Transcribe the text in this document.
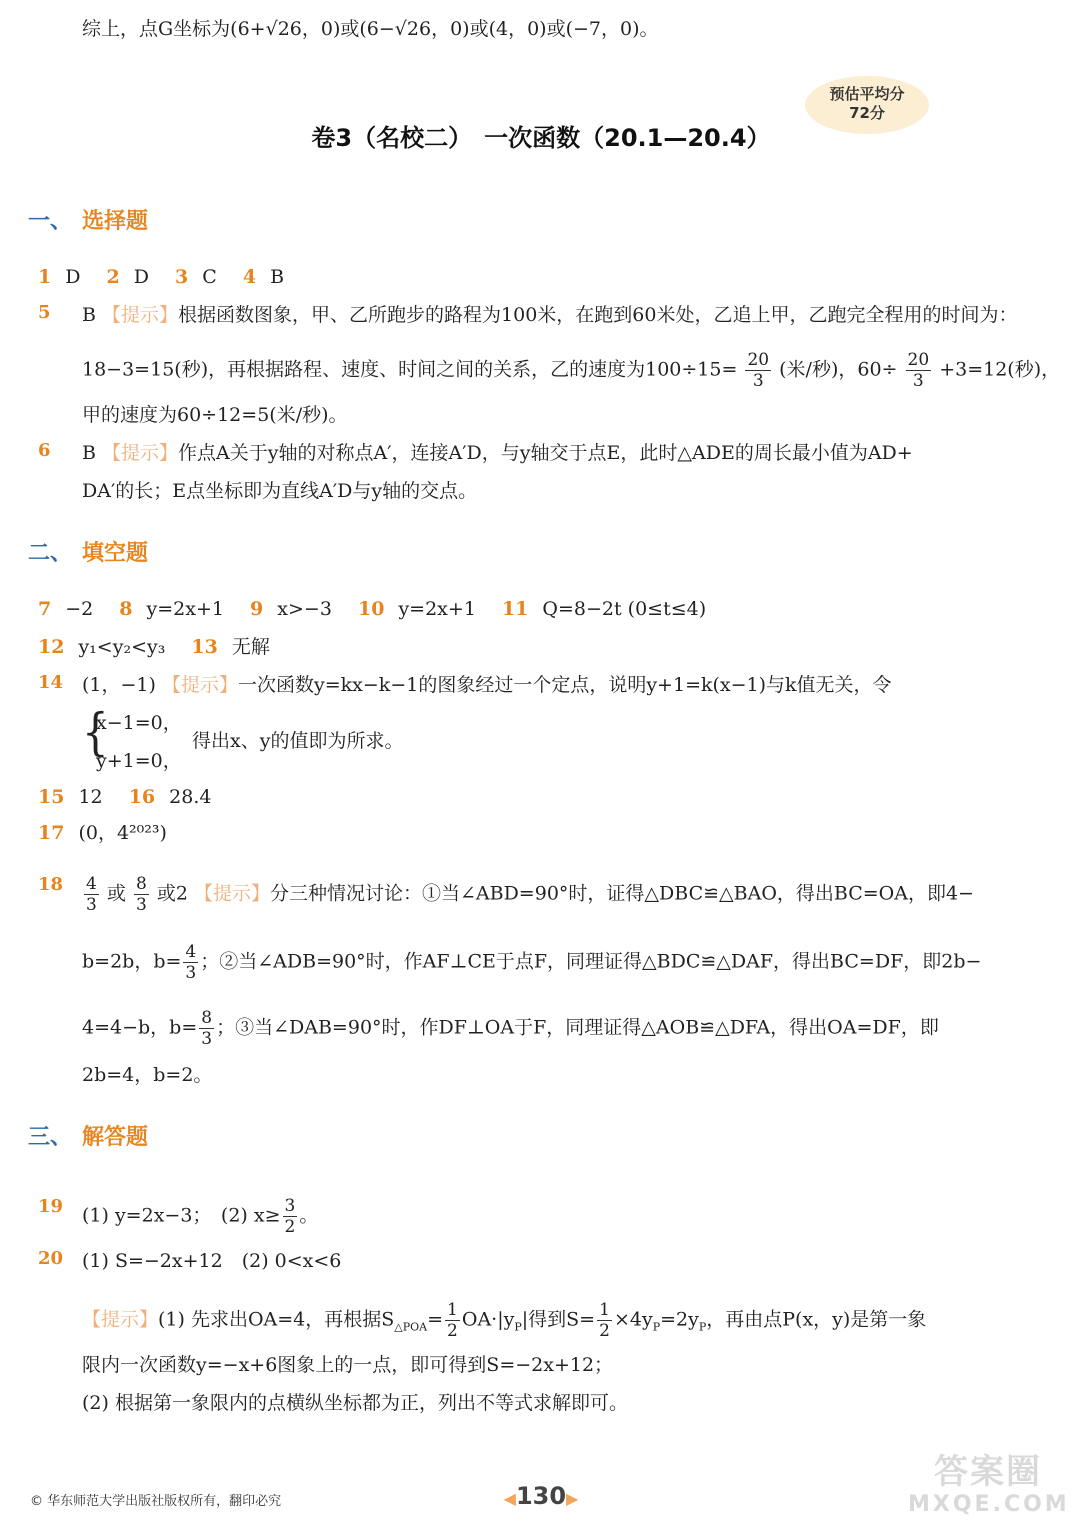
综上，点G坐标为(6+√26，0)或(6−√26，0)或(4，0)或(−7，0)。
卷3（名校二）　一次函数（20.1—20.4）
预估平均分
72分
一、 选择题
1 D 2 D 3 C 4 B
5 B 【提示】根据函数图象，甲、乙所跑步的路程为100米，在跑到60米处，乙追上甲，乙跑完全程用的时间为：
18−3=15(秒)，再根据路程、速度、时间之间的关系，乙的速度为$100\div 15= \frac{20}{3}$ (米/秒)，$60\div \frac{20}{3} +3=12$(秒)，
甲的速度为60÷12=5(米/秒)。
6 B 【提示】作点A关于y轴的对称点A′，连接A′D，与y轴交于点E，此时△ADE的周长最小值为AD+
DA′的长；E点坐标即为直线A′D与y轴的交点。
二、 填空题
7 −2 8 y=2x+1 9 x>−3 10 y=2x+1 11 Q=8−2t (0≤t≤4)
12 y₁<y₂<y₃ 13 无解
14 (1，−1) 【提示】一次函数y=kx−k−1的图象经过一个定点，说明y+1=k(x−1)与k值无关，令
{
x−1=0，
y+1=0，
得出x、y的值即为所求。
15 12 16 28.4
17 (0，4²⁰²³)
$18 \frac{4}{3}$ 或 $\frac{8}{3}$ 或2 【提示】分三种情况讨论：①当∠ABD=90°时，证得△DBC≌△BAO，得出BC=OA，即4−
b=2b，$b= \frac{4}{3}$ ；②当∠ADB=90°时，作AF⊥CE于点F，同理证得△BDC≌△DAF，得出BC=DF，即2b−
4=4−b，$b= \frac{8}{3}$ ；③当∠DAB=90°时，作DF⊥OA于F，同理证得△AOB≌△DFA，得出OA=DF，即
2b=4，b=2。
三、 解答题
19 (1) y=2x−3；　(2) $x\ge \frac{3}{2}$ 。
20 (1) S=−2x+12　(2) 0<x<6
【提示】(1) 先求出OA=4，再根据$S_{\triangle POA}= \frac{1}{2} OA\cdot|y_P|$得到$S= \frac{1}{2} \times 4y_P=2y_P$，再由点P(x，y)是第一象
限内一次函数y=−x+6图象上的一点，即可得到S=−2x+12；
(2) 根据第一象限内的点横纵坐标都为正，列出不等式求解即可。
© 华东师范大学出版社版权所有，翻印必究	◀130▶
答案圈
MXQE.COM
